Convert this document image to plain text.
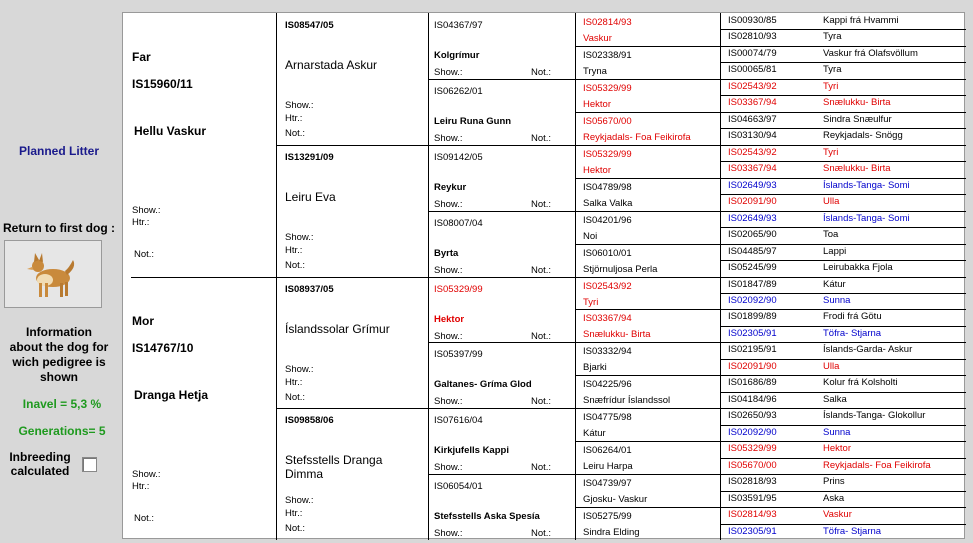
Planned Litter
Return to first dog :
Information
about the dog for
wich pedigree is
shown
Inavel = 5,3 %
Generations= 5
Inbreeding
calculated
Far
IS15960/11
Hellu Vaskur
Show.:
Htr.:
Not.:
Mor
IS14767/10
Dranga Hetja
Show.:
Htr.:
Not.:
IS08547/05
Arnarstada Askur
Show.:
Htr.:
Not.:
IS13291/09
Leiru Eva
Show.:
Htr.:
Not.:
IS08937/05
Íslandssolar Grímur
Show.:
Htr.:
Not.:
IS09858/06
Stefsstells Dranga
Dimma
Show.:
Htr.:
Not.:
IS04367/97
Kolgrímur
Show.:	Not.:
IS06262/01
Leiru Runa Gunn
Show.:	Not.:
IS09142/05
Reykur
Show.:	Not.:
IS08007/04
Byrta
Show.:	Not.:
IS05329/99
Hektor
Show.:	Not.:
IS05397/99
Galtanes- Gríma Glod
Show.:	Not.:
IS07616/04
Kirkjufells Kappi
Show.:	Not.:
IS06054/01
Stefsstells Aska Spesía
Show.:	Not.:
IS02814/93
Vaskur
IS02338/91
Tryna
IS05329/99
Hektor
IS05670/00
Reykjadals- Foa Feikirofa
IS05329/99
Hektor
IS04789/98
Salka Valka
IS04201/96
Noi
IS06010/01
Stjörnuljosa Perla
IS02543/92
Tyri
IS03367/94
Snælukku- Birta
IS03332/94
Bjarki
IS04225/96
Snæfrídur Íslandssol
IS04775/98
Kátur
IS06264/01
Leiru Harpa
IS04739/97
Gjosku- Vaskur
IS05275/99
Sindra Elding
IS00930/85	Kappi frá Hvammi
IS02810/93	Tyra
IS00074/79	Vaskur frá Olafsvöllum
IS00065/81	Tyra
IS02543/92	Tyri
IS03367/94	Snælukku- Birta
IS04663/97	Sindra Snæulfur
IS03130/94	Reykjadals- Snögg
IS02543/92	Tyri
IS03367/94	Snælukku- Birta
IS02649/93	Íslands-Tanga- Somi
IS02091/90	Ulla
IS02649/93	Íslands-Tanga- Somi
IS02065/90	Toa
IS04485/97	Lappi
IS05245/99	Leirubakka Fjola
IS01847/89	Kátur
IS02092/90	Sunna
IS01899/89	Frodi frá Götu
IS02305/91	Töfra- Stjarna
IS02195/91	Íslands-Garda- Askur
IS02091/90	Ulla
IS01686/89	Kolur frá Kolsholti
IS04184/96	Salka
IS02650/93	Íslands-Tanga- Glokollur
IS02092/90	Sunna
IS05329/99	Hektor
IS05670/00	Reykjadals- Foa Feikirofa
IS02818/93	Prins
IS03591/95	Aska
IS02814/93	Vaskur
IS02305/91	Töfra- Stjarna
